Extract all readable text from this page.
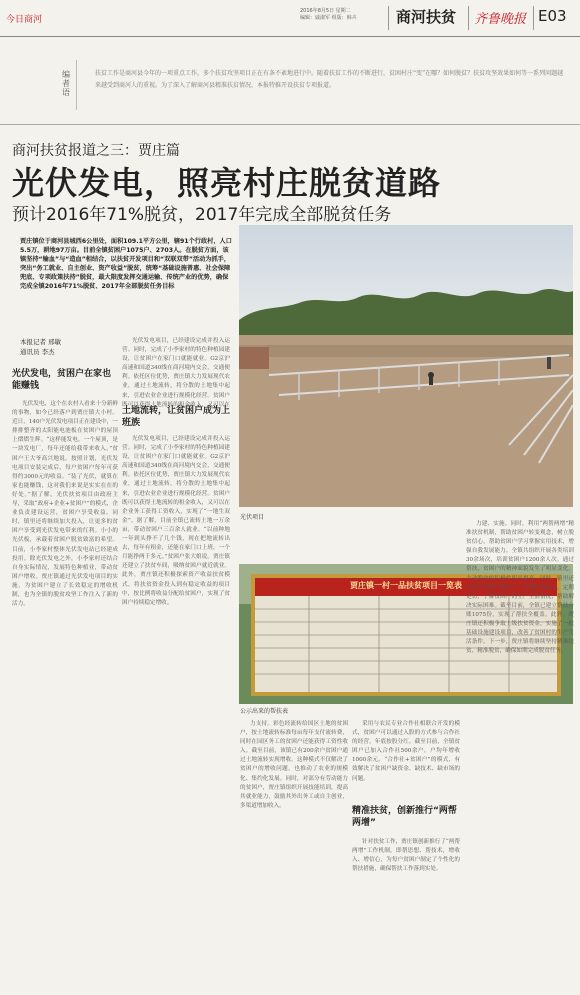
今日商河
2016年8月5日 星期二
编辑：戚淑军 组版：韩卉	商河扶贫 齐鲁晚报 E03
编者语
扶贫工作是商河县今年的一项重点工作，多个扶贫攻坚项目正在有条不紊地进行中。随着扶贫工作的不断进行，贫困村庄“变”在哪？如何脱贫？扶贫攻坚效果如何等一系列问题越来越受到商河人的重视。为了深入了解商河县精准扶贫情况，本报特推开设扶贫专项报道。
商河扶贫报道之三：贾庄篇
光伏发电，照亮村庄脱贫道路
预计2016年71%脱贫，2017年完成全部脱贫任务
贾庄镇位于商河县城西6公里处，面积109.1平方公里，辖91个行政村，人口5.5万，耕地97万亩。目前全镇贫困户1075户、2703人。在脱贫方面，该镇坚持“输血”与“造血”相结合，以扶贫开发项目和“双联双带”活动为抓手，突出“务工就业、自主创业、资产收益”脱贫，统筹“基础设施普惠、社会保障兜底、专项政策扶持”脱贫，最大限度发挥交通运输、传统产业的优势，确保完成全镇2016年71%脱贫、2017年全部脱贫任务目标
本报记者 邢敏
通讯员 李杰
光伏发电，贫困户在家也能赚钱
光伏发电，这个在农村人看来十分新鲜的事物，如今已经落户到贾庄镇大小村。近日，140户光伏发电项目正在建设中，一排排整齐的太阳能电池板在贫困户的屋顶上熠熠生辉。“这样能发电，一个屋顶，是一块发电厂，每年还能给我带来收入。”贫困户王大爷高兴地说。按照计划，光伏发电项目安装完成后，每户贫困户每年可获得约3000元的收益。“装了光伏，就算在家也能赚钱，这对我们来说是实实在在的好处。”据了解，光伏扶贫项目由政府主导，采取“政府+企业+贫困户”的模式，企业负责建设运营，贫困户享受收益。同时，镇里还将继续加大投入，让更多的贫困户享受到光伏发电带来的红利。小小的光伏板，承载着贫困户脱贫致富的希望。目前，小李家村整体光伏发电站已经建成投用。除光伏发电之外，小李家村还结合自身实际情况，发展特色种植业，带动贫困户增收。贾庄镇通过光伏发电项目的实施，为贫困户建立了长效稳定的增收机制，也为全镇的脱贫攻坚工作注入了新的活力。
光伏发电项目，已经建设完成并投入运营。同时，完成了小李家村的特色种植园建设，让贫困户在家门口就能就业。G2京沪高速和国道340线在商河境内交会，交通便利。依托区位优势，贾庄镇大力发展现代农业，通过土地流转，将分散的土地集中起来，引进农业企业进行规模化经营。贫困户既可以获得土地流转的租金收入，又可以在
土地流转，让贫困户成为上班族
光伏发电项目，已经建设完成并投入运营。同时，完成了小李家村的特色种植园建设，让贫困户在家门口就能就业。G2京沪高速和国道340线在商河境内交会，交通便利。依托区位优势，贾庄镇大力发展现代农业，通过土地流转，将分散的土地集中起来，引进农业企业进行规模化经营。贫困户既可以获得土地流转的租金收入，又可以在企业务工获得工资收入，实现了“一地生双金”。据了解，目前全镇已流转土地一万余亩，带动贫困户三百余人就业。“以前种地一年到头挣不了几个钱，现在把地流转出去，每年有租金，还能在家门口上班，一个月能挣两千多元。”贫困户张大娘说。贾庄镇还建立了扶贫车间，吸纳贫困户就近就业。此外，贾庄镇还积极探索资产收益扶贫模式，将扶贫资金投入到有稳定收益的项目中，按比例将收益分配给贫困户，实现了贫困户持续稳定增收。
光伏项目
贾庄镇一村一品扶贫项目一览表
公示出来的帮扶表
力支持。彩色经流转给国区土地的贫困户，按土地流转标准每亩每年支付流转费，同时在园区务工的贫困户还能获得工资性收入。截至目前，该镇已有200余户贫困户通过土地流转实现增收。这种模式不仅解决了贫困户的增收问题，也推动了农业的规模化、集约化发展。同时，对部分有劳动能力的贫困户，贾庄镇组织开展技能培训，提高其就业能力，鼓励其外出务工或自主创业，多渠道增加收入。
采用与农民专业合作社相联合开发的模式，贫困户可以通过入股的方式参与合作社的经营，年底按股分红。截至目前，全镇贫困户已加入合作社500余户，户均年增收1000余元。“合作社+贫困户”的模式，有效解决了贫困户缺资金、缺技术、缺市场的问题。
精准扶贫，创新推行“两帮两增”
针对扶贫工作，贾庄镇创新推行了“两帮两增”工作机制，即帮思想、帮技术，增收入、增信心，为每户贫困户制定了个性化的帮扶措施，确保帮扶工作落到实处。
力建、实施。同时，利用“两帮两增”精准扶贫机制，帮助贫困户转变观念，树立脱贫信心，帮助贫困户学习掌握实用技术，增强自我发展能力。全镇共组织开展各类培训30余场次，培训贫困户1200余人次。通过帮扶，贫困户的精神面貌发生了明显变化，主动脱贫的积极性明显提高。同时，镇里还为每户贫困户确定了一名帮扶责任人，定期走访，了解贫困户的生产生活情况，帮助解决实际困难。截至目前，全镇已建立帮扶台账1075份，实现了帮扶全覆盖。此外，贾庄镇还积极争取上级扶贫资金，实施了一批基础设施建设项目，改善了贫困村的生产生活条件。下一步，贾庄镇将继续坚持精准扶贫、精准脱贫，确保如期完成脱贫任务。
